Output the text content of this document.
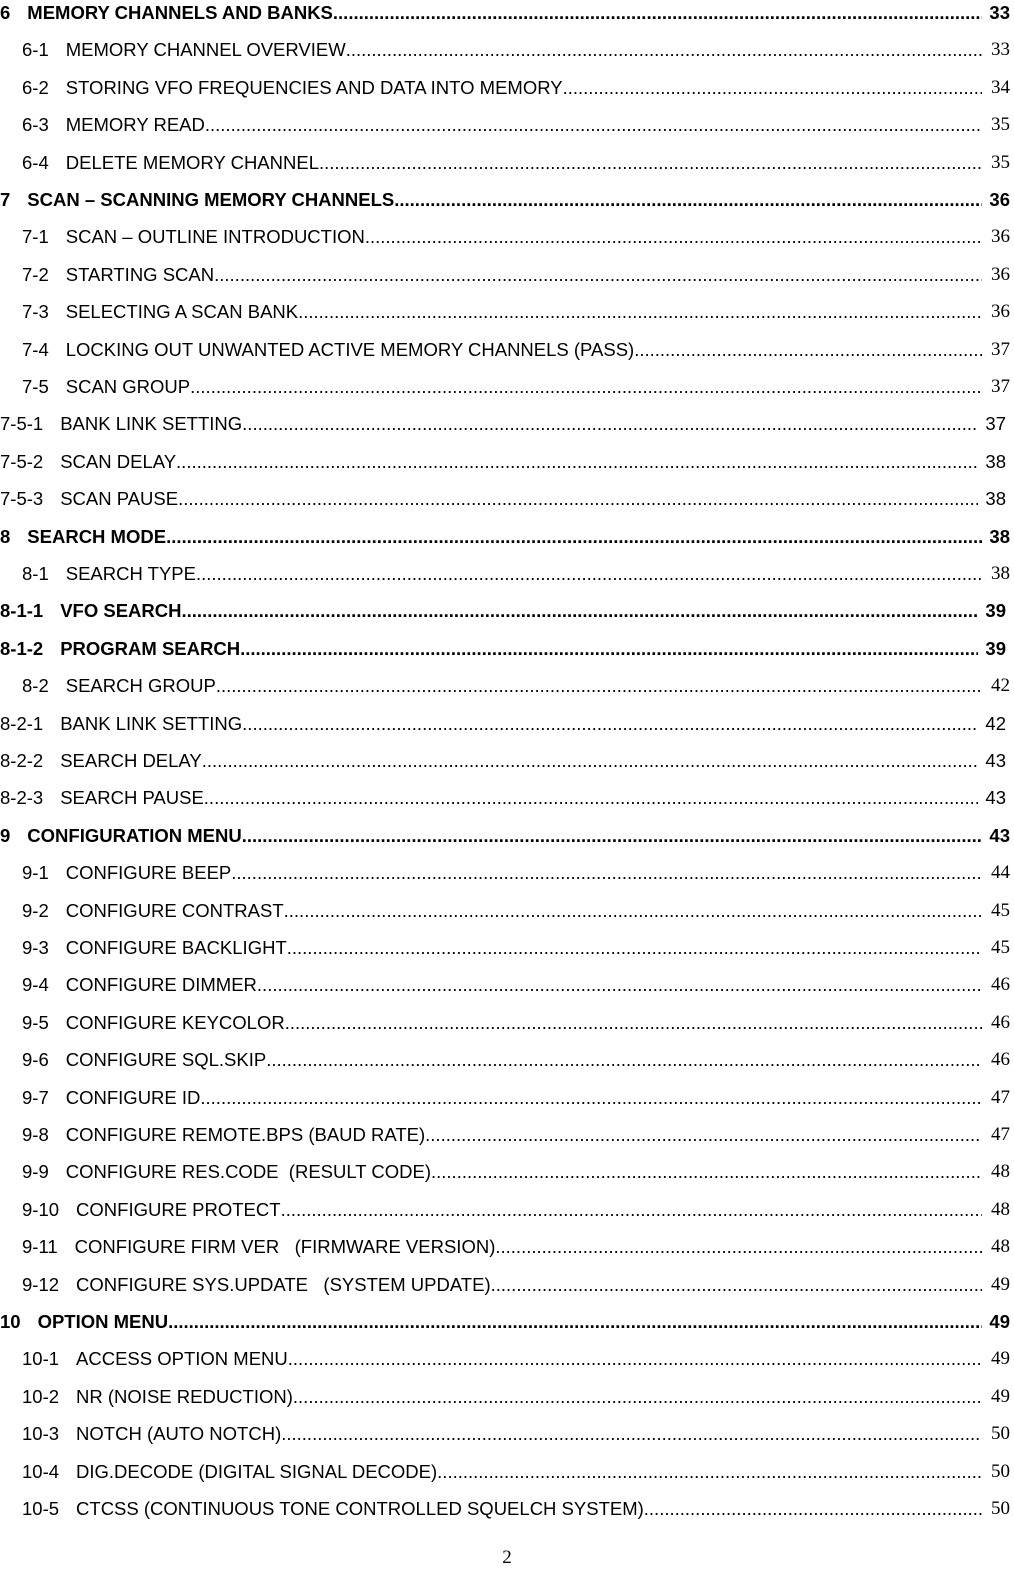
6 MEMORY CHANNELS AND BANKS .....	33
6-1 MEMORY CHANNEL OVERVIEW .....	33
6-2 STORING VFO FREQUENCIES AND DATA INTO MEMORY .....	34
6-3 MEMORY READ .....	35
6-4 DELETE MEMORY CHANNEL .....	35
7 SCAN – SCANNING MEMORY CHANNELS .....	36
7-1 SCAN – OUTLINE INTRODUCTION .....	36
7-2 STARTING SCAN .....	36
7-3 SELECTING A SCAN BANK .....	36
7-4 LOCKING OUT UNWANTED ACTIVE MEMORY CHANNELS (PASS) .....	37
7-5 SCAN GROUP .....	37
7-5-1 BANK LINK SETTING .....	37
7-5-2 SCAN DELAY .....	38
7-5-3 SCAN PAUSE .....	38
8 SEARCH MODE .....	38
8-1 SEARCH TYPE .....	38
8-1-1 VFO SEARCH .....	39
8-1-2 PROGRAM SEARCH .....	39
8-2 SEARCH GROUP .....	42
8-2-1 BANK LINK SETTING .....	42
8-2-2 SEARCH DELAY .....	43
8-2-3 SEARCH PAUSE .....	43
9 CONFIGURATION MENU .....	43
9-1 CONFIGURE BEEP .....	44
9-2 CONFIGURE CONTRAST .....	45
9-3 CONFIGURE BACKLIGHT .....	45
9-4 CONFIGURE DIMMER .....	46
9-5 CONFIGURE KEYCOLOR .....	46
9-6 CONFIGURE SQL.SKIP .....	46
9-7 CONFIGURE ID .....	47
9-8 CONFIGURE REMOTE.BPS (BAUD RATE) .....	47
9-9 CONFIGURE RES.CODE  (RESULT CODE) .....	48
9-10 CONFIGURE PROTECT .....	48
9-11 CONFIGURE FIRM VER   (FIRMWARE VERSION) .....	48
9-12 CONFIGURE SYS.UPDATE   (SYSTEM UPDATE) .....	49
10 OPTION MENU .....	49
10-1 ACCESS OPTION MENU .....	49
10-2 NR (NOISE REDUCTION) .....	49
10-3 NOTCH (AUTO NOTCH) .....	50
10-4 DIG.DECODE (DIGITAL SIGNAL DECODE) .....	50
10-5 CTCSS (CONTINUOUS TONE CONTROLLED SQUELCH SYSTEM) .....	50
2
